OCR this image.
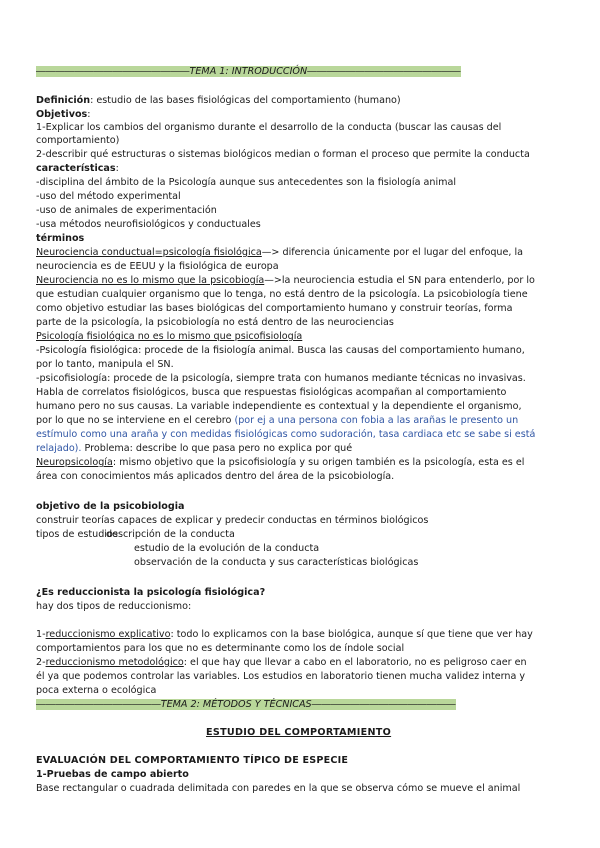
――――――――――――――――TEMA 1: INTRODUCCIÓN――――――――――――――――
Definición: estudio de las bases fisiológicas del comportamiento (humano)
Objetivos:
1-Explicar los cambios del organismo durante el desarrollo de la conducta (buscar las causas del
comportamiento)
2-describir qué estructuras o sistemas biológicos median o forman el proceso que permite la conducta
características:
-disciplina del ámbito de la Psicología aunque sus antecedentes son la fisiología animal
-uso del método experimental
-uso de animales de experimentación
-usa métodos neurofisiológicos y conductuales
términos
Neurociencia conductual=psicología fisiológica—> diferencia únicamente por el lugar del enfoque, la
neurociencia es de EEUU y la fisiológica de europa
Neurociencia no es lo mismo que la psicobiogía—>la neurociencia estudia el SN para entenderlo, por lo
que estudian cualquier organismo que lo tenga, no está dentro de la psicología. La psicobiología tiene
como objetivo estudiar las bases biológicas del comportamiento humano y construir teorías, forma
parte de la psicología, la psicobiología no está dentro de las neurociencias
Psicología fisiológica no es lo mismo que psicofisiología
-Psicología fisiológica: procede de la fisiología animal. Busca las causas del comportamiento humano,
por lo tanto, manipula el SN.
-psicofisiología: procede de la psicología, siempre trata con humanos mediante técnicas no invasivas.
Habla de correlatos fisiológicos, busca que respuestas fisiológicas acompañan al comportamiento
humano pero no sus causas. La variable independiente es contextual y la dependiente el organismo,
por lo que no se interviene en el cerebro (por ej a una persona con fobia a las arañas le presento un
estímulo como una araña y con medidas fisiológicas como sudoración, tasa cardiaca etc se sabe si está
relajado). Problema: describe lo que pasa pero no explica por qué
Neuropsicología: mismo objetivo que la psicofisiología y su origen también es la psicología, esta es el
área con conocimientos más aplicados dentro del área de la psicobiología.
objetivo de la psicobiologia
construir teorías capaces de explicar y predecir conductas en términos biológicos
tipos de estudios
descripción de la conducta
estudio de la evolución de la conducta
observación de la conducta y sus características biológicas
¿Es reduccionista la psicología fisiológica?
hay dos tipos de reduccionismo:
1-reduccionismo explicativo: todo lo explicamos con la base biológica, aunque sí que tiene que ver hay
comportamientos para los que no es determinante como los de índole social
2-reduccionismo metodológico: el que hay que llevar a cabo en el laboratorio, no es peligroso caer en
él ya que podemos controlar las variables. Los estudios en laboratorio tienen mucha validez interna y
poca externa o ecológica
―――――――――――――TEMA 2: MÉTODOS Y TÉCNICAS―――――――――――――――
ESTUDIO DEL COMPORTAMIENTO
EVALUACIÓN DEL COMPORTAMIENTO TÍPICO DE ESPECIE
1-Pruebas de campo abierto
Base rectangular o cuadrada delimitada con paredes en la que se observa cómo se mueve el animal
